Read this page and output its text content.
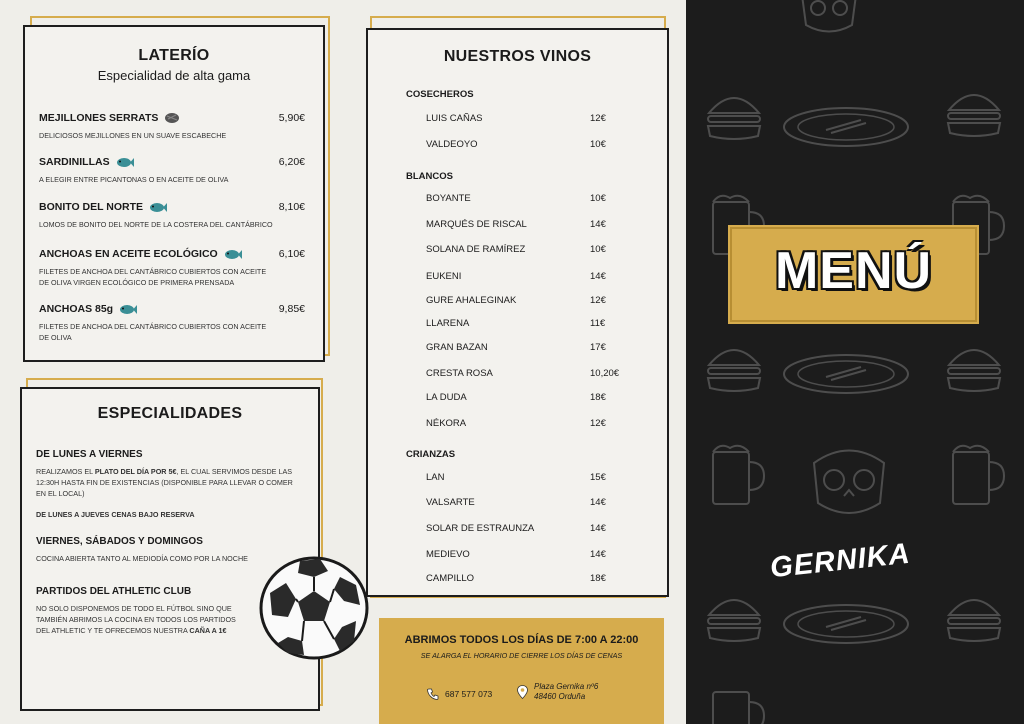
LATERÍO
Especialidad de alta gama
MEJILLONES SERRATS	5,90€
DELICIOSOS MEJILLONES EN UN SUAVE ESCABECHE
SARDINILLAS	6,20€
A ELEGIR ENTRE PICANTONAS O EN ACEITE DE OLIVA
BONITO DEL NORTE	8,10€
LOMOS DE BONITO DEL NORTE DE LA COSTERA DEL CANTÁBRICO
ANCHOAS EN ACEITE ECOLÓGICO	6,10€
FILETES DE ANCHOA DEL CANTÁBRICO CUBIERTOS CON ACEITE DE OLIVA VIRGEN ECOLÓGICO DE PRIMERA PRENSADA
ANCHOAS 85g	9,85€
FILETES DE ANCHOA DEL CANTÁBRICO CUBIERTOS CON ACEITE DE OLIVA
ESPECIALIDADES
DE LUNES A VIERNES

REALIZAMOS EL PLATO DEL DÍA POR 5€, EL CUAL SERVIMOS DESDE LAS 12:30H HASTA FIN DE EXISTENCIAS (DISPONIBLE PARA LLEVAR O COMER EN EL LOCAL)

DE LUNES A JUEVES CENAS BAJO RESERVA

VIERNES, SÁBADOS Y DOMINGOS

COCINA ABIERTA TANTO AL MEDIODÍA COMO POR LA NOCHE

PARTIDOS DEL ATHLETIC CLUB

NO SOLO DISPONEMOS DE TODO EL FÚTBOL SINO QUE TAMBIÉN ABRIMOS LA COCINA EN TODOS LOS PARTIDOS DEL ATHLETIC Y TE OFRECEMOS NUESTRA CAÑA A 1€

NUESTROS VINOS
COSECHEROS
LUIS CAÑAS	12€
VALDEOYO	10€
BLANCOS
BOYANTE	10€
MARQUÉS DE RISCAL	14€
SOLANA DE RAMÍREZ	10€
EUKENI	14€
GURE AHALEGINAK	12€
LLARENA	11€
GRAN BAZAN	17€
CRESTA ROSA	10,20€
LA DUDA	18€
NÉKORA	12€
CRIANZAS
LAN	15€
VALSARTE	14€
SOLAR DE ESTRAUNZA	14€
MEDIEVO	14€
CAMPILLO	18€
ABRIMOS TODOS LOS DÍAS DE 7:00 A 22:00
SE ALARGA EL HORARIO DE CIERRE LOS DÍAS DE CENAS
687 577 073
Plaza Gernika nº6
48460 Orduña
MENÚ
GERNIKA
